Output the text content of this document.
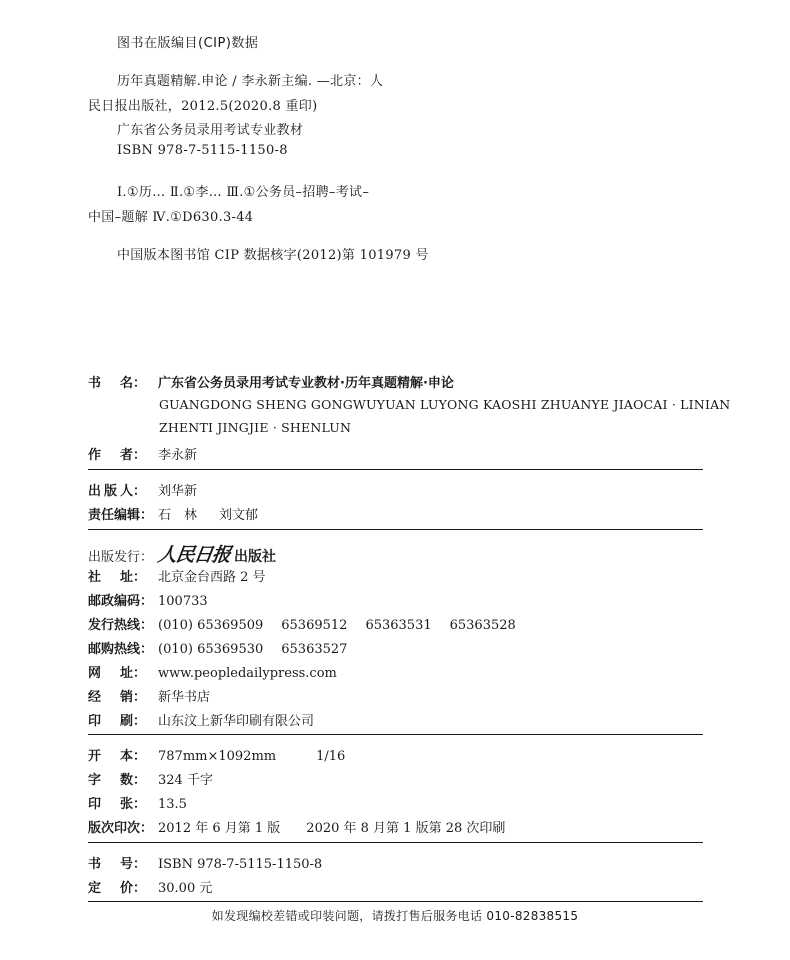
图书在版编目(CIP)数据
历年真题精解.申论 / 李永新主编. —北京：人
民日报出版社，2012.5(2020.8 重印)
广东省公务员录用考试专业教材
ISBN 978-7-5115-1150-8
Ⅰ.①历… Ⅱ.①李… Ⅲ.①公务员–招聘–考试–
中国–题解 Ⅳ.①D630.3-44
中国版本图书馆 CIP 数据核字(2012)第 101979 号
书 名： 广东省公务员录用考试专业教材·历年真题精解·申论
GUANGDONG SHENG GONGWUYUAN LUYONG KAOSHI ZHUANYE JIAOCAI · LINIAN
ZHENTI JINGJIE · SHENLUN
作 者： 李永新
出 版 人： 刘华新
责任编辑： 石　林 刘文郁
出版发行： 人民日报 出版社
社 址： 北京金台西路 2 号
邮政编码： 100733
发行热线： (010) 65369509 65369512 65363531 65363528
邮购热线： (010) 65369530 65363527
网 址： www.peopledailypress.com
经 销： 新华书店
印 刷： 山东汶上新华印刷有限公司
开 本： 787mm×1092mm	1/16
字 数： 324 千字
印 张： 13.5
版次印次： 2012 年 6 月第 1 版 2020 年 8 月第 1 版第 28 次印刷
书 号： ISBN 978-7-5115-1150-8
定 价： 30.00 元
如发现编校差错或印装问题，请拨打售后服务电话 010-82838515
